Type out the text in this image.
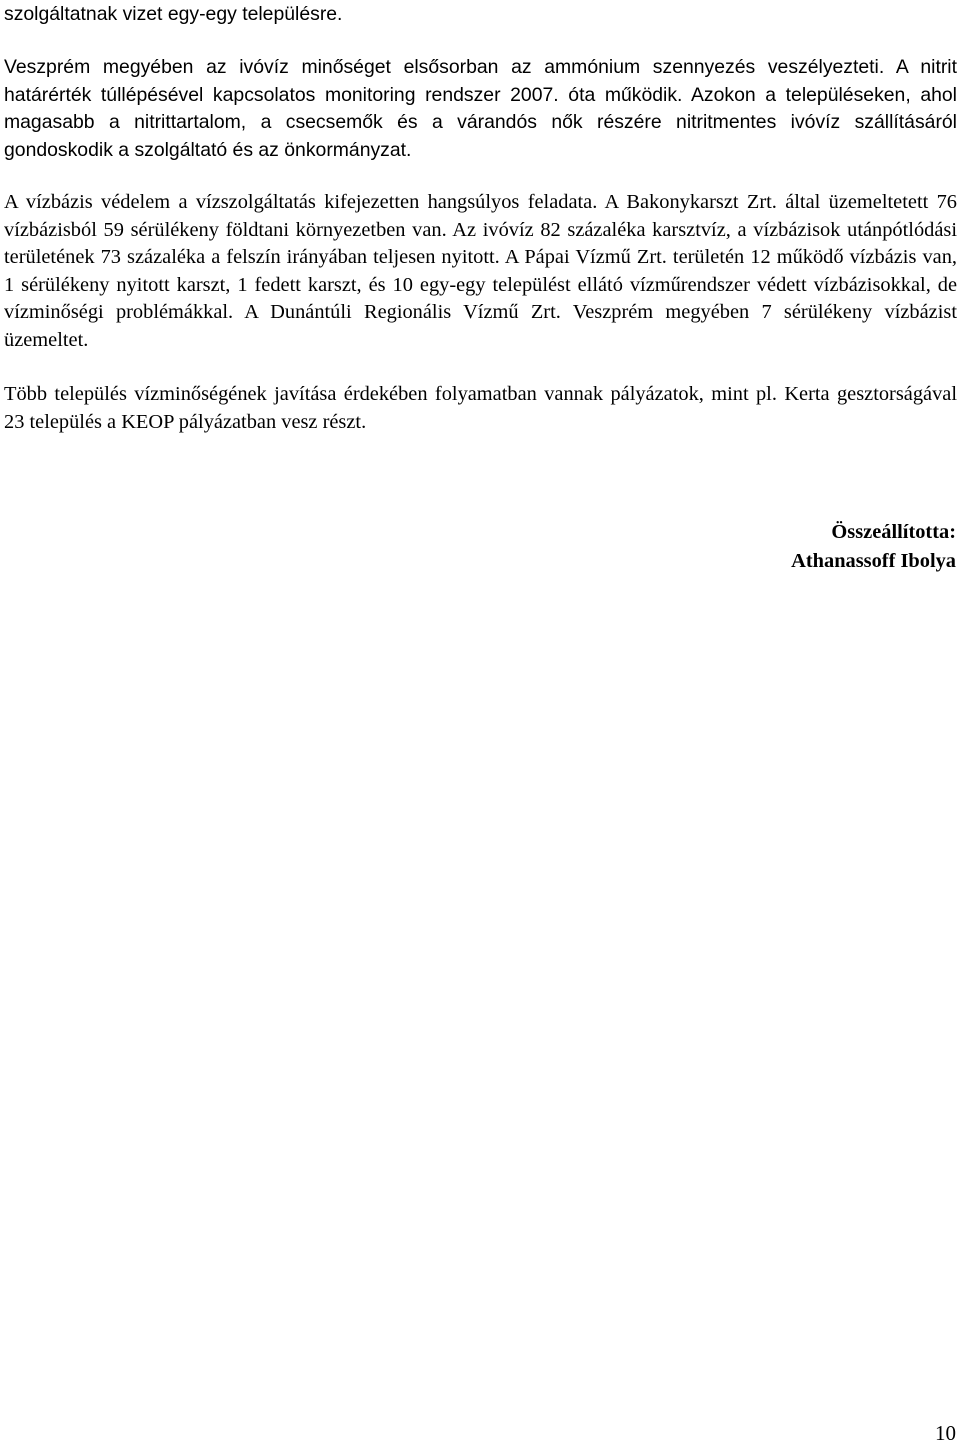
szolgáltatnak vizet egy-egy településre.

Veszprém megyében az ivóvíz minőséget elsősorban az ammónium szennyezés veszélyezteti. A nitrit határérték túllépésével kapcsolatos monitoring rendszer 2007. óta működik. Azokon a településeken, ahol magasabb a nitrittartalom, a csecsemők és a várandós nők részére nitritmentes ivóvíz szállításáról gondoskodik a szolgáltató és az önkormányzat.

A vízbázis védelem a vízszolgáltatás kifejezetten hangsúlyos feladata. A Bakonykarszt Zrt. által üzemeltetett 76 vízbázisból 59 sérülékeny földtani környezetben van. Az ivóvíz 82 százaléka karsztvíz, a vízbázisok utánpótlódási területének 73 százaléka a felszín irányában teljesen nyitott. A Pápai Vízmű Zrt. területén 12 működő vízbázis van, 1 sérülékeny nyitott karszt, 1 fedett karszt, és 10 egy-egy települést ellátó vízműrendszer védett vízbázisokkal, de vízminőségi problémákkal. A Dunántúli Regionális Vízmű Zrt. Veszprém megyében 7 sérülékeny vízbázist üzemeltet.

Több település vízminőségének javítása érdekében folyamatban vannak pályázatok, mint pl. Kerta gesztorságával 23 település a KEOP pályázatban vesz részt.

Összeállította:
Athanassoff Ibolya
10
